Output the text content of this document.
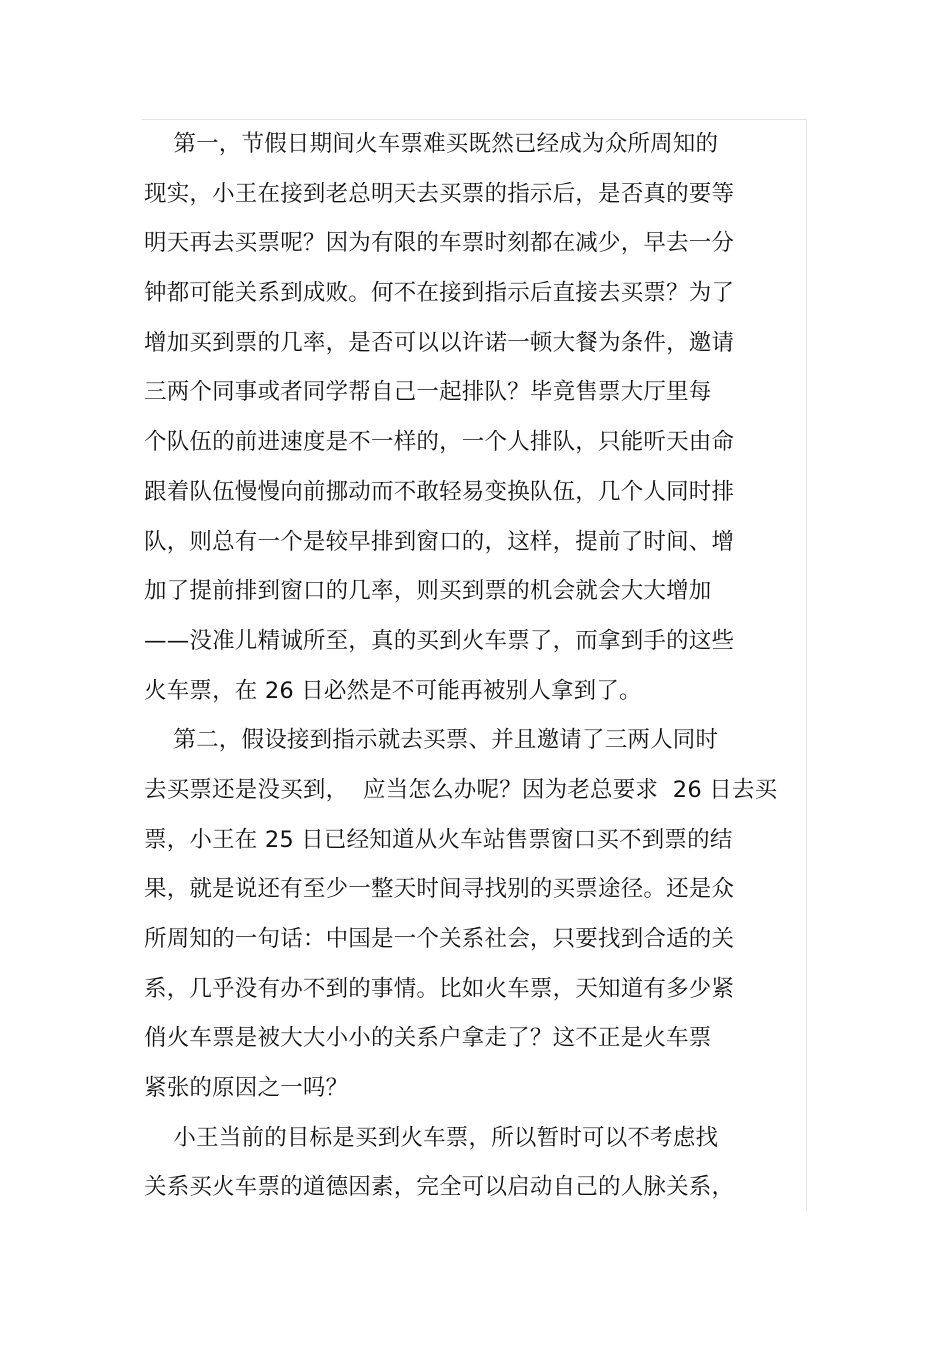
第一，节假日期间火车票难买既然已经成为众所周知的
现实，小王在接到老总明天去买票的指示后，是否真的要等
明天再去买票呢？因为有限的车票时刻都在减少，早去一分
钟都可能关系到成败。何不在接到指示后直接去买票？为了
增加买到票的几率，是否可以以许诺一顿大餐为条件，邀请
三两个同事或者同学帮自己一起排队？毕竟售票大厅里每
个队伍的前进速度是不一样的，一个人排队，只能听天由命
跟着队伍慢慢向前挪动而不敢轻易变换队伍，几个人同时排
队，则总有一个是较早排到窗口的，这样，提前了时间、增
加了提前排到窗口的几率，则买到票的机会就会大大增加
——没准儿精诚所至，真的买到火车票了，而拿到手的这些
火车票，在 26 日必然是不可能再被别人拿到了。
第二，假设接到指示就去买票、并且邀请了三两人同时
去买票还是没买到，  应当怎么办呢？因为老总要求  26 日去买
票，小王在 25 日已经知道从火车站售票窗口买不到票的结
果，就是说还有至少一整天时间寻找别的买票途径。还是众
所周知的一句话：中国是一个关系社会，只要找到合适的关
系，几乎没有办不到的事情。比如火车票，天知道有多少紧
俏火车票是被大大小小的关系户拿走了？这不正是火车票
紧张的原因之一吗？
小王当前的目标是买到火车票，所以暂时可以不考虑找
关系买火车票的道德因素，完全可以启动自己的人脉关系，
